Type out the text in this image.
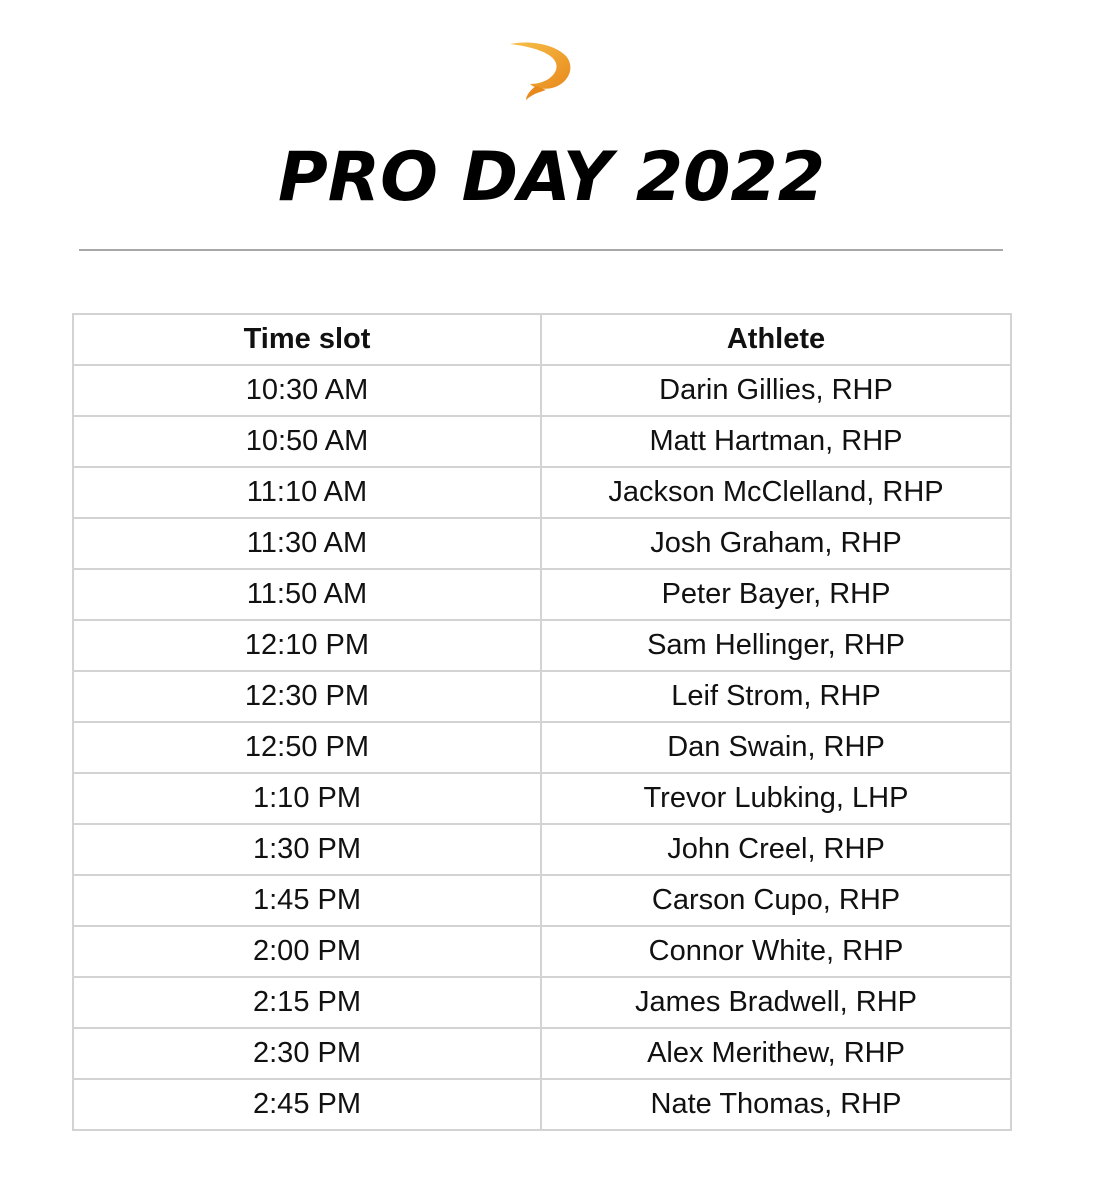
PRO DAY 2022
Time slot	Athlete
10:30 AM	Darin Gillies, RHP
10:50 AM	Matt Hartman, RHP
11:10 AM	Jackson McClelland, RHP
11:30 AM	Josh Graham, RHP
11:50 AM	Peter Bayer, RHP
12:10 PM	Sam Hellinger, RHP
12:30 PM	Leif Strom, RHP
12:50 PM	Dan Swain, RHP
1:10 PM	Trevor Lubking, LHP
1:30 PM	John Creel, RHP
1:45 PM	Carson Cupo, RHP
2:00 PM	Connor White, RHP
2:15 PM	James Bradwell, RHP
2:30 PM	Alex Merithew, RHP
2:45 PM	Nate Thomas, RHP
